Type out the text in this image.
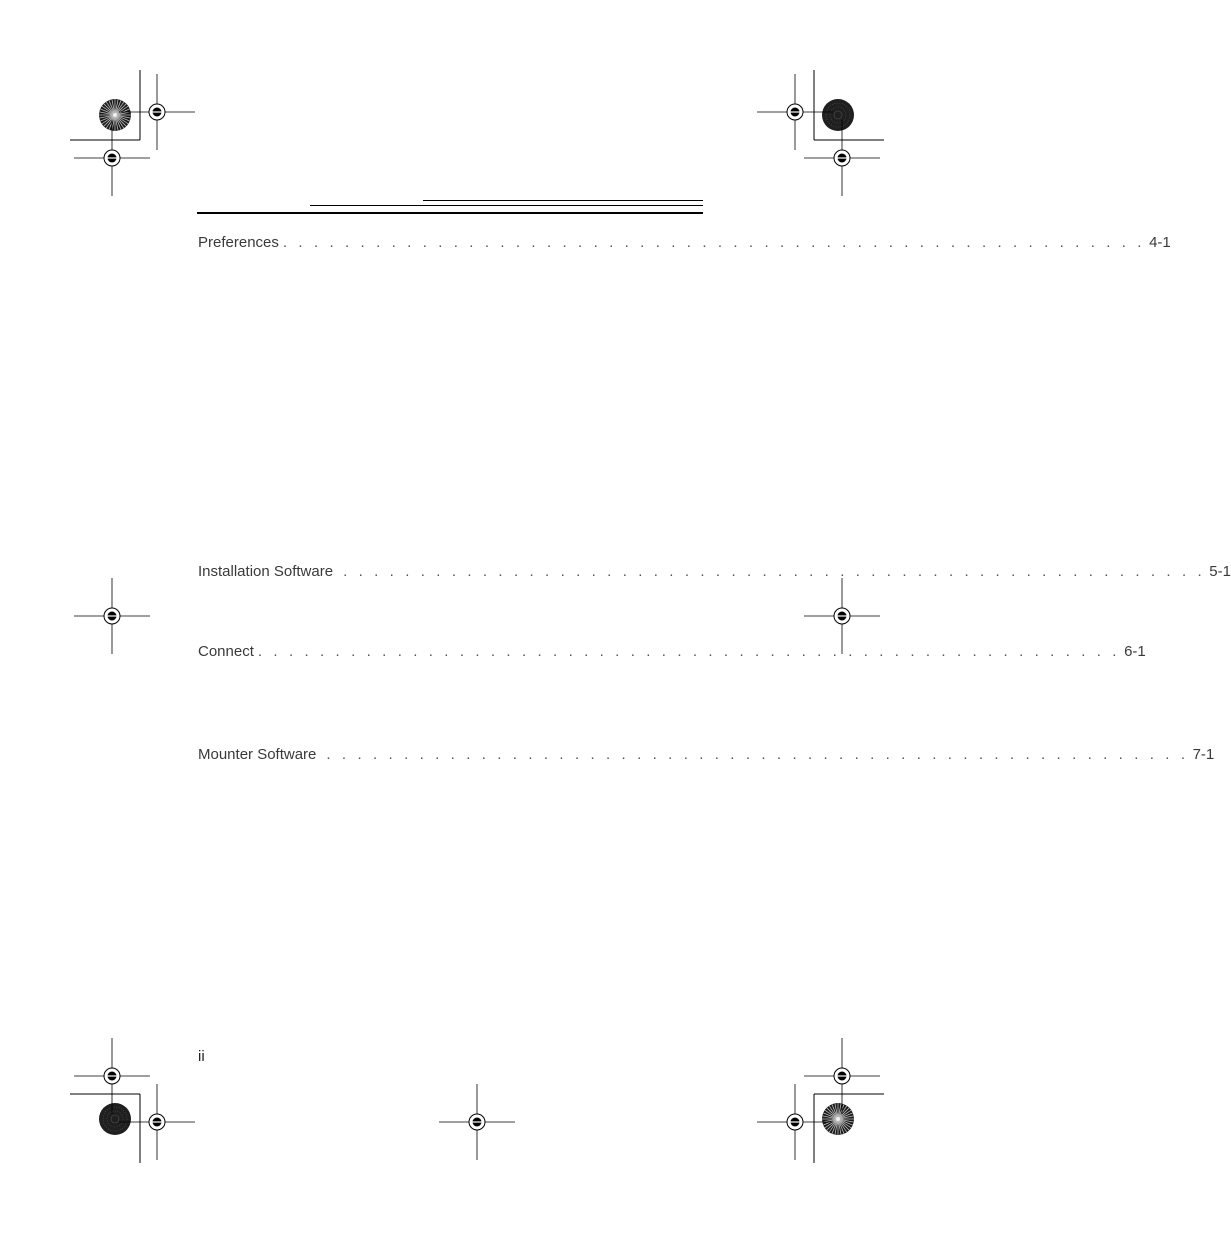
Preferences . . . . . . . . . . . . . . . . . . . . . . . . . . . . . . . . . . . . . . . . . . . . . . . . . . . . . . . . 4-1
Installation Software . . . . . . . . . . . . . . . . . . . . . . . . . . . . . . . . . . . . . . . . . . . . . . . . . . . . . . . . 5-1
Connect . . . . . . . . . . . . . . . . . . . . . . . . . . . . . . . . . . . . . . . . . . . . . . . . . . . . . . . . 6-1
Mounter Software . . . . . . . . . . . . . . . . . . . . . . . . . . . . . . . . . . . . . . . . . . . . . . . . . . . . . . . . 7-1
ii
